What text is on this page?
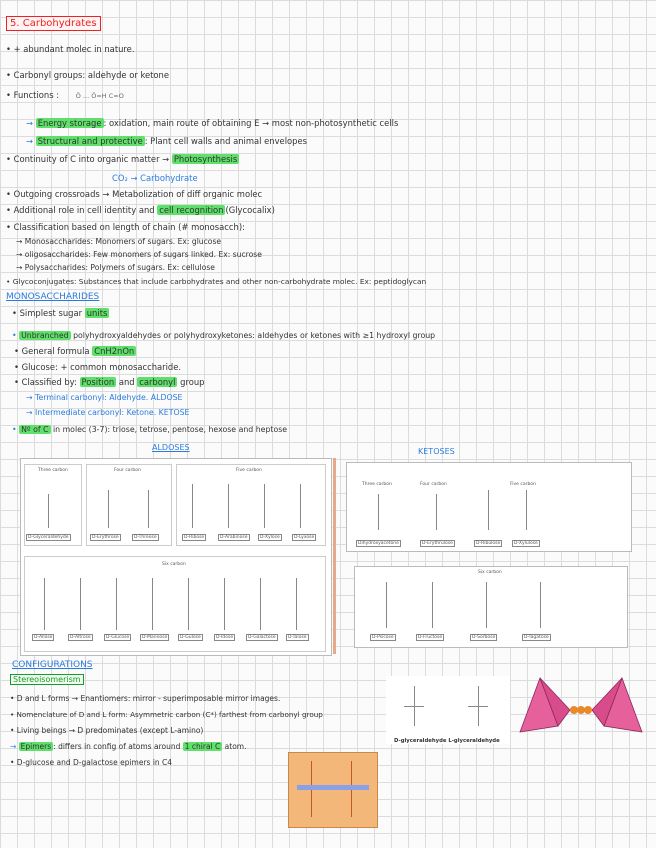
5. Carbohydrates
• + abundant molec in nature.
• Carbonyl groups: aldehyde or ketone
• Functions :	Ö ... Ö=H C=O
→ Energy storage : oxidation, main route of obtaining E → most non-photosynthetic cells
→ Structural and protective : Plant cell walls and animal envelopes
• Continuity of C into organic matter → Photosynthesis
CO₂ → Carbohydrate
• Outgoing crossroads → Metabolization of diff organic molec
• Additional role in cell identity and cell recognition (Glycocalix)
• Classification based on length of chain (# monosacch):
→ Monosaccharides: Monomers of sugars. Ex: glucose
→ oligosaccharides: Few monomers of sugars linked. Ex: sucrose
→ Polysaccharides: Polymers of sugars. Ex: cellulose
• Glycoconjugates: Substances that include carbohydrates and other non-carbohydrate molec. Ex: peptidoglycan
MONOSACCHARIDES
• Simplest sugar units
• Unbranched polyhydroxyaldehydes or polyhydroxyketones: aldehydes or ketones with ≥1 hydroxyl group
• General formula CnH2nOn
• Glucose: + common monosaccharide.
• Classified by: Position and carbonyl group
→ Terminal carbonyl: Aldehyde. ALDOSE
→ Intermediate carbonyl: Ketone. KETOSE
• Nº of C in molec (3-7): triose, tetrose, pentose, hexose and heptose
ALDOSES	KETOSES
Three carbon	Four carbon	Five carbon
Six carbon
D-Glyceraldehyde	D-Erythrose	D-Threose	D-Ribose	D-Arabinose	D-Xylose	D-Lyxose
D-Allose	D-Altrose	D-Glucose	D-Mannose	D-Gulose	D-Idose	D-Galactose	D-Talose
Three carbon	Four carbon	Five carbon
Six carbon
Dihydroxyacetone	D-Erythrulose	D-Ribulose	D-Xylulose
D-Psicose	D-Fructose	D-Sorbose	D-Tagatose
CONFIGURATIONS
Stereoisomerism
• D and L forms → Enantiomers: mirror - superimposable mirror images.
• Nomenclature of D and L form: Asymmetric carbon (C*) farthest from carbonyl group
• Living beings → D predominates (except L-amino)
→ Epimers : differs in config of atoms around 1 chiral C atom.
• D-glucose and D-galactose epimers in C4
D-glyceraldehyde L-glyceraldehyde
